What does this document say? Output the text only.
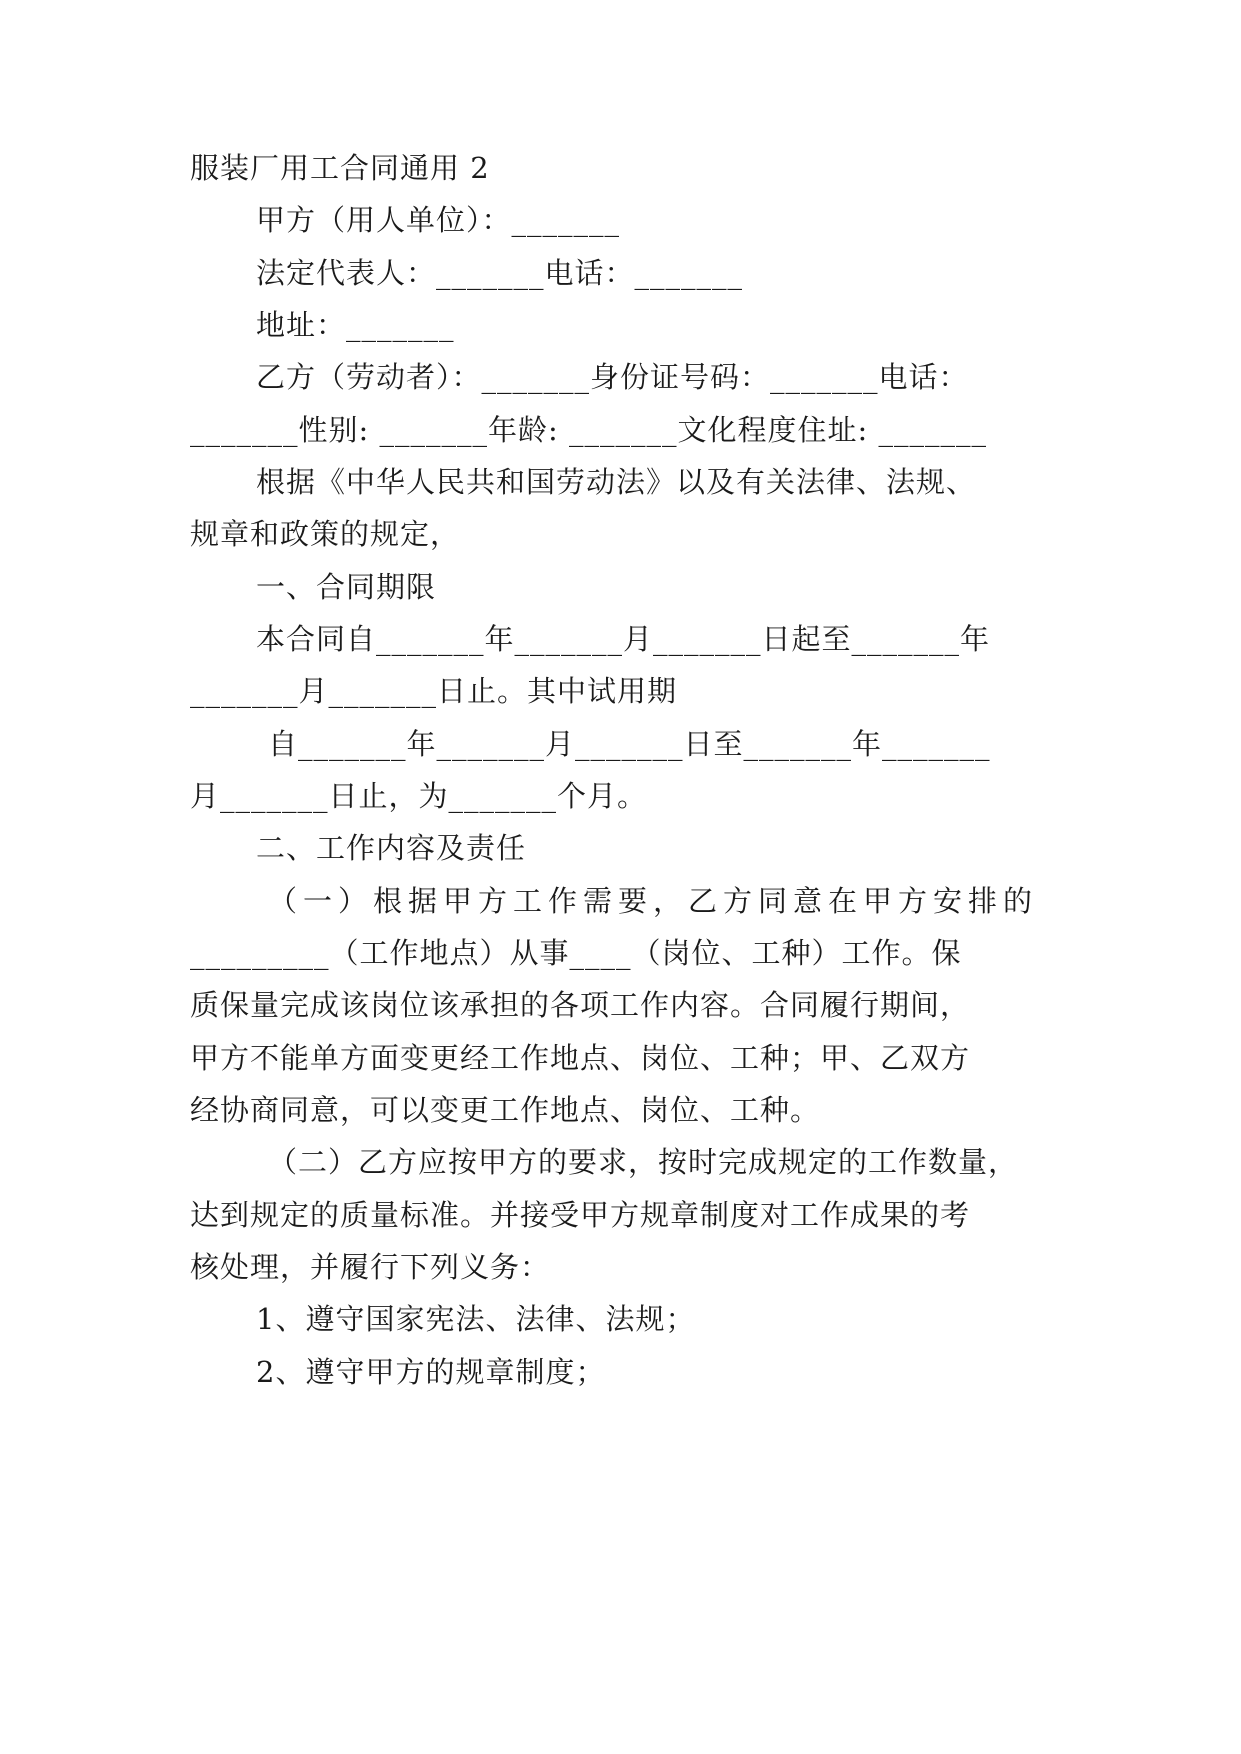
服装厂用工合同通用 2
甲方（用人单位）：_______
法定代表人：_______电话：_______
地址：_______
乙方（劳动者）：_______身份证号码：_______电话：
_______性别: _______年龄: _______文化程度住址: _______
根据《中华人民共和国劳动法》以及有关法律、法规、
规章和政策的规定，
一、合同期限
本合同自_______年_______月_______日起至_______年
_______月_______日止。其中试用期
自_______年_______月_______日至_______年_______
月_______日止，为_______个月。
二、工作内容及责任
（一）根据甲方工作需要，乙方同意在甲方安排的
_________（工作地点）从事____（岗位、工种）工作。保
质保量完成该岗位该承担的各项工作内容。合同履行期间，
甲方不能单方面变更经工作地点、岗位、工种；甲、乙双方
经协商同意，可以变更工作地点、岗位、工种。
（二）乙方应按甲方的要求，按时完成规定的工作数量，
达到规定的质量标准。并接受甲方规章制度对工作成果的考
核处理，并履行下列义务：
1、遵守国家宪法、法律、法规；
2、遵守甲方的规章制度；
